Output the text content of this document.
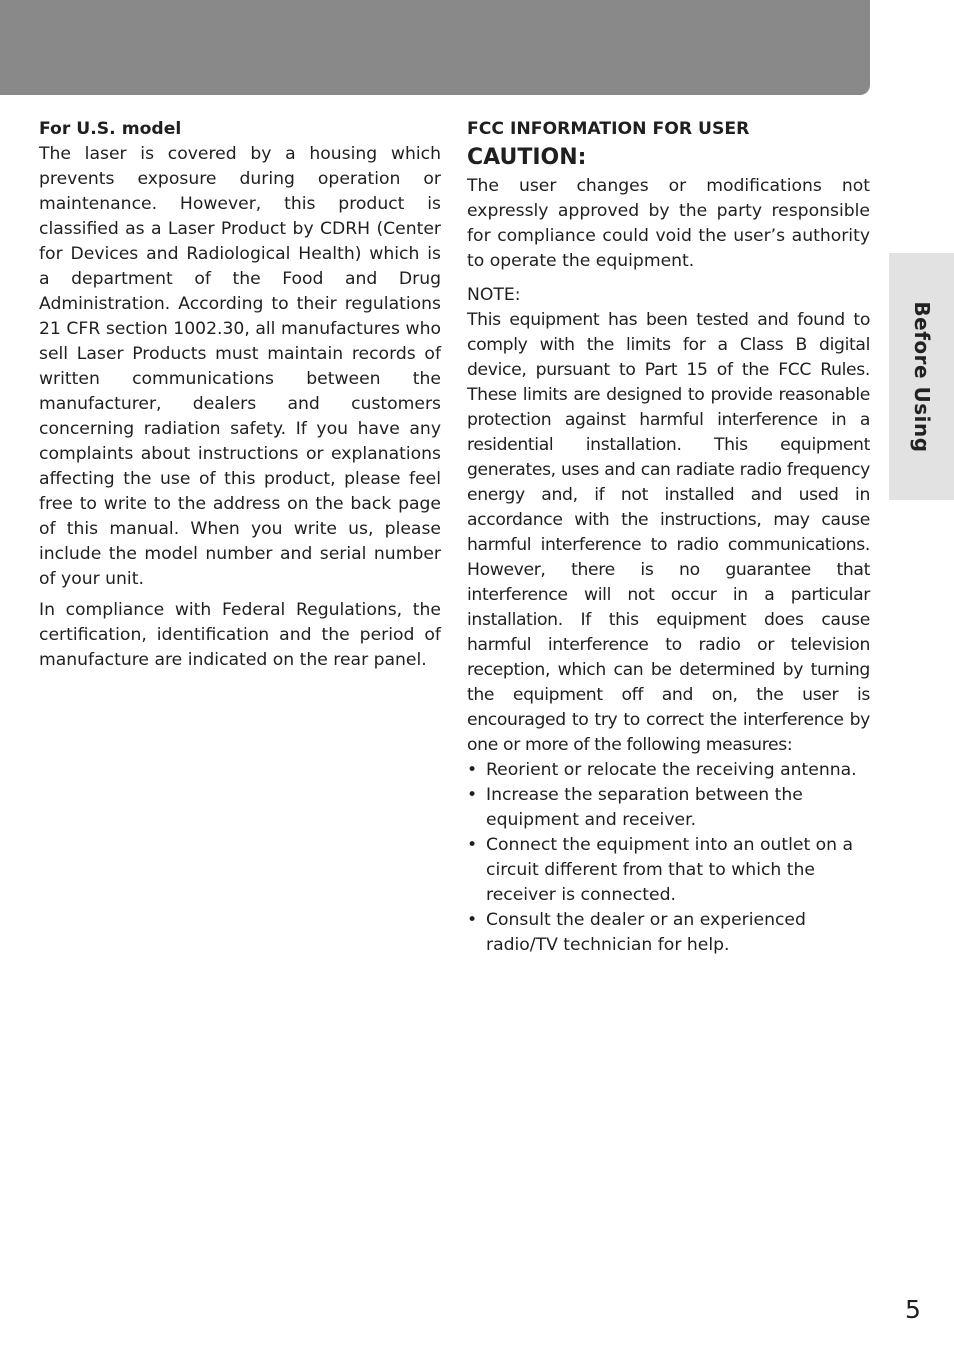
Before Using

For U.S. model

The laser is covered by a housing which prevents exposure during operation or maintenance. However, this product is classified as a Laser Product by CDRH (Center for Devices and Radiological Health) which is a department of the Food and Drug Administration. According to their regulations 21 CFR section 1002.30, all manufactures who sell Laser Products must maintain records of written communications between the manufacturer, dealers and customers concerning radiation safety. If you have any complaints about instructions or explanations affecting the use of this product, please feel free to write to the address on the back page of this manual. When you write us, please include the model number and serial number of your unit.

In compliance with Federal Regulations, the certification, identification and the period of manufacture are indicated on the rear panel.

FCC INFORMATION FOR USER

CAUTION:

The user changes or modifications not expressly approved by the party responsible for compliance could void the user’s authority to operate the equipment.

NOTE:

This equipment has been tested and found to comply with the limits for a Class B digital device, pursuant to Part 15 of the FCC Rules. These limits are designed to provide reasonable protection against harmful interference in a residential installation. This equipment generates, uses and can radiate radio frequency energy and, if not installed and used in accordance with the instructions, may cause harmful interference to radio communications. However, there is no guarantee that interference will not occur in a particular installation. If this equipment does cause harmful interference to radio or television reception, which can be determined by turning the equipment off and on, the user is encouraged to try to correct the interference by one or more of the following measures:

• Reorient or relocate the receiving antenna.
• Increase the separation between the equipment and receiver.
• Connect the equipment into an outlet on a circuit different from that to which the receiver is connected.
• Consult the dealer or an experienced radio/TV technician for help.
5
